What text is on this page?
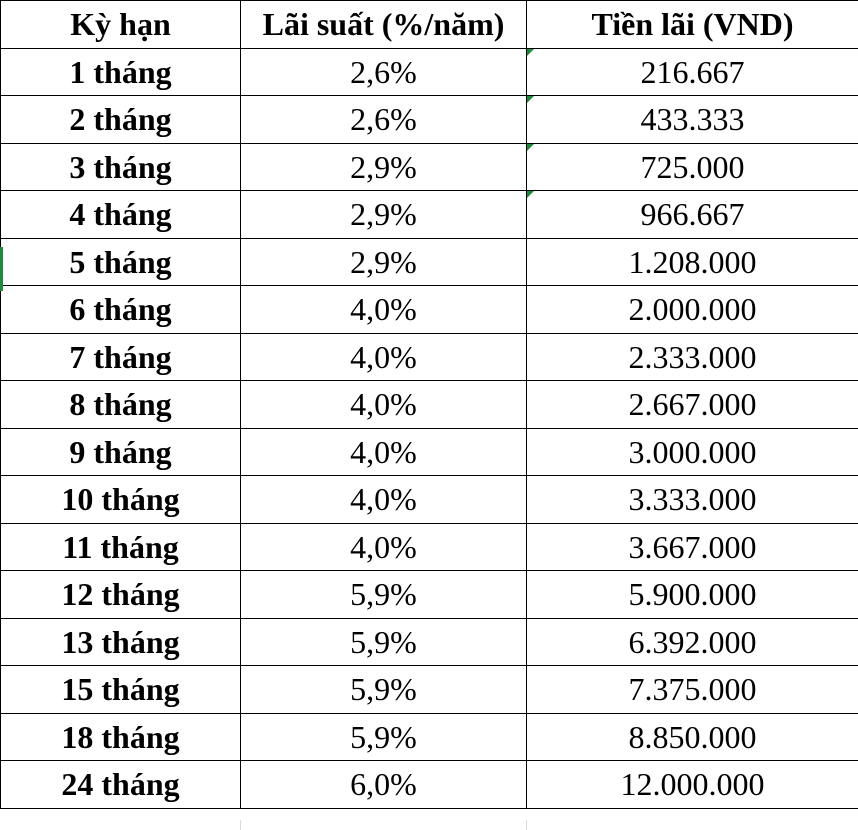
Kỳ hạn	Lãi suất (%/năm)	Tiền lãi (VND)
1 tháng	2,6%	216.667

2 tháng	2,6%	433.333

3 tháng	2,9%	725.000

4 tháng	2,9%	966.667

5 tháng	2,9%	1.208.000
6 tháng	4,0%	2.000.000
7 tháng	4,0%	2.333.000
8 tháng	4,0%	2.667.000
9 tháng	4,0%	3.000.000
10 tháng	4,0%	3.333.000
11 tháng	4,0%	3.667.000
12 tháng	5,9%	5.900.000
13 tháng	5,9%	6.392.000
15 tháng	5,9%	7.375.000
18 tháng	5,9%	8.850.000
24 tháng	6,0%	12.000.000
